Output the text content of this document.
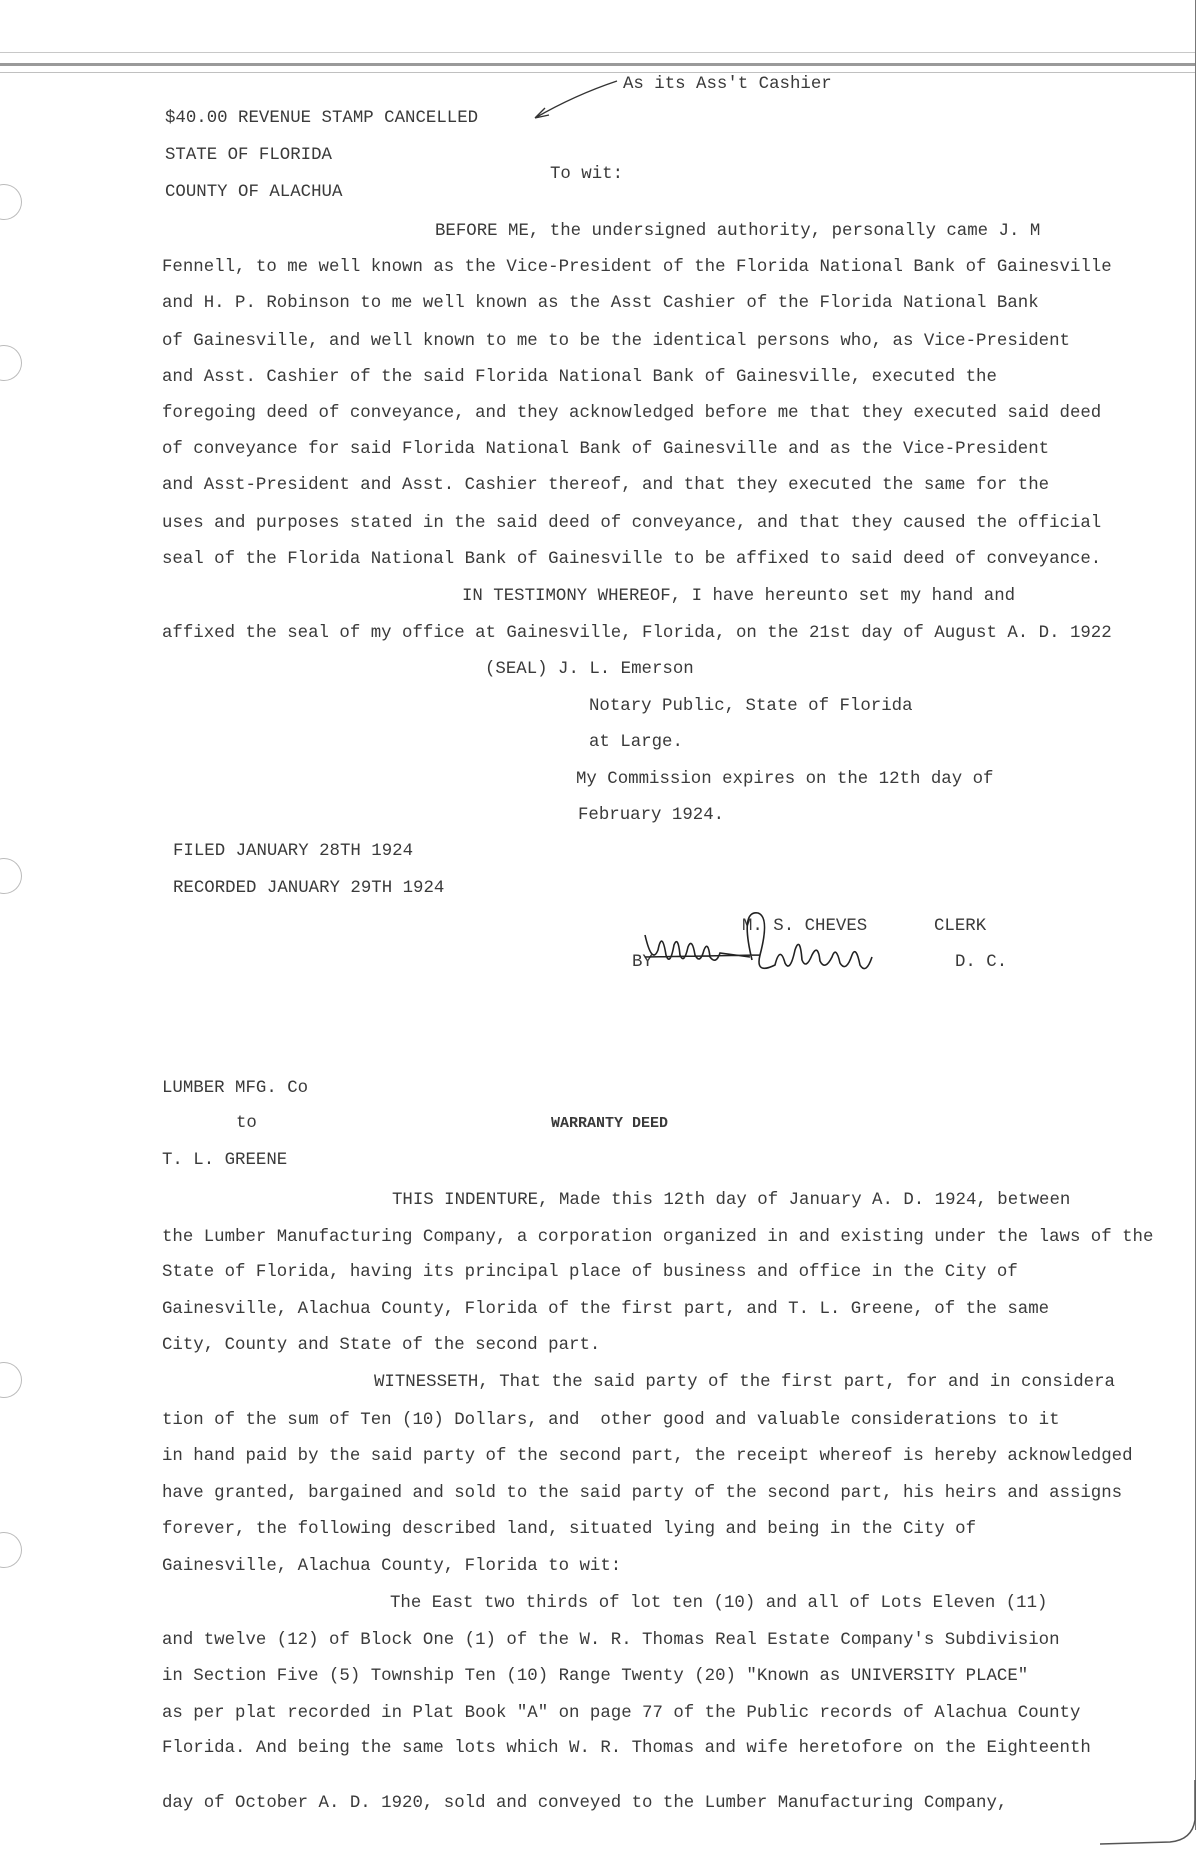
As its Ass't Cashier
$40.00 REVENUE STAMP CANCELLED
STATE OF FLORIDA
To wit:
COUNTY OF ALACHUA
BEFORE ME, the undersigned authority, personally came J. M
Fennell, to me well known as the Vice-President of the Florida National Bank of Gainesville
and H. P. Robinson to me well known as the Asst Cashier of the Florida National Bank
of Gainesville, and well known to me to be the identical persons who, as Vice-President
and Asst. Cashier of the said Florida National Bank of Gainesville, executed the
foregoing deed of conveyance, and they acknowledged before me that they executed said deed
of conveyance for said Florida National Bank of Gainesville and as the Vice-President
and Asst-President and Asst. Cashier thereof, and that they executed the same for the
uses and purposes stated in the said deed of conveyance, and that they caused the official
seal of the Florida National Bank of Gainesville to be affixed to said deed of conveyance.
IN TESTIMONY WHEREOF, I have hereunto set my hand and
affixed the seal of my office at Gainesville, Florida, on the 21st day of August A. D. 1922
(SEAL) J. L. Emerson
Notary Public, State of Florida
at Large.
My Commission expires on the 12th day of
February 1924.
FILED JANUARY 28TH 1924
RECORDED JANUARY 29TH 1924
M. S. CHEVES	CLERK
BY	D. C.
LUMBER MFG. Co
to	WARRANTY DEED
T. L. GREENE
THIS INDENTURE, Made this 12th day of January A. D. 1924, between
the Lumber Manufacturing Company, a corporation organized in and existing under the laws of the
State of Florida, having its principal place of business and office in the City of
Gainesville, Alachua County, Florida of the first part, and T. L. Greene, of the same
City, County and State of the second part.
WITNESSETH, That the said party of the first part, for and in considera
tion of the sum of Ten (10) Dollars, and  other good and valuable considerations to it
in hand paid by the said party of the second part, the receipt whereof is hereby acknowledged
have granted, bargained and sold to the said party of the second part, his heirs and assigns
forever, the following described land, situated lying and being in the City of
Gainesville, Alachua County, Florida to wit:
The East two thirds of lot ten (10) and all of Lots Eleven (11)
and twelve (12) of Block One (1) of the W. R. Thomas Real Estate Company's Subdivision
in Section Five (5) Township Ten (10) Range Twenty (20) "Known as UNIVERSITY PLACE"
as per plat recorded in Plat Book "A" on page 77 of the Public records of Alachua County
Florida. And being the same lots which W. R. Thomas and wife heretofore on the Eighteenth
day of October A. D. 1920, sold and conveyed to the Lumber Manufacturing Company,
